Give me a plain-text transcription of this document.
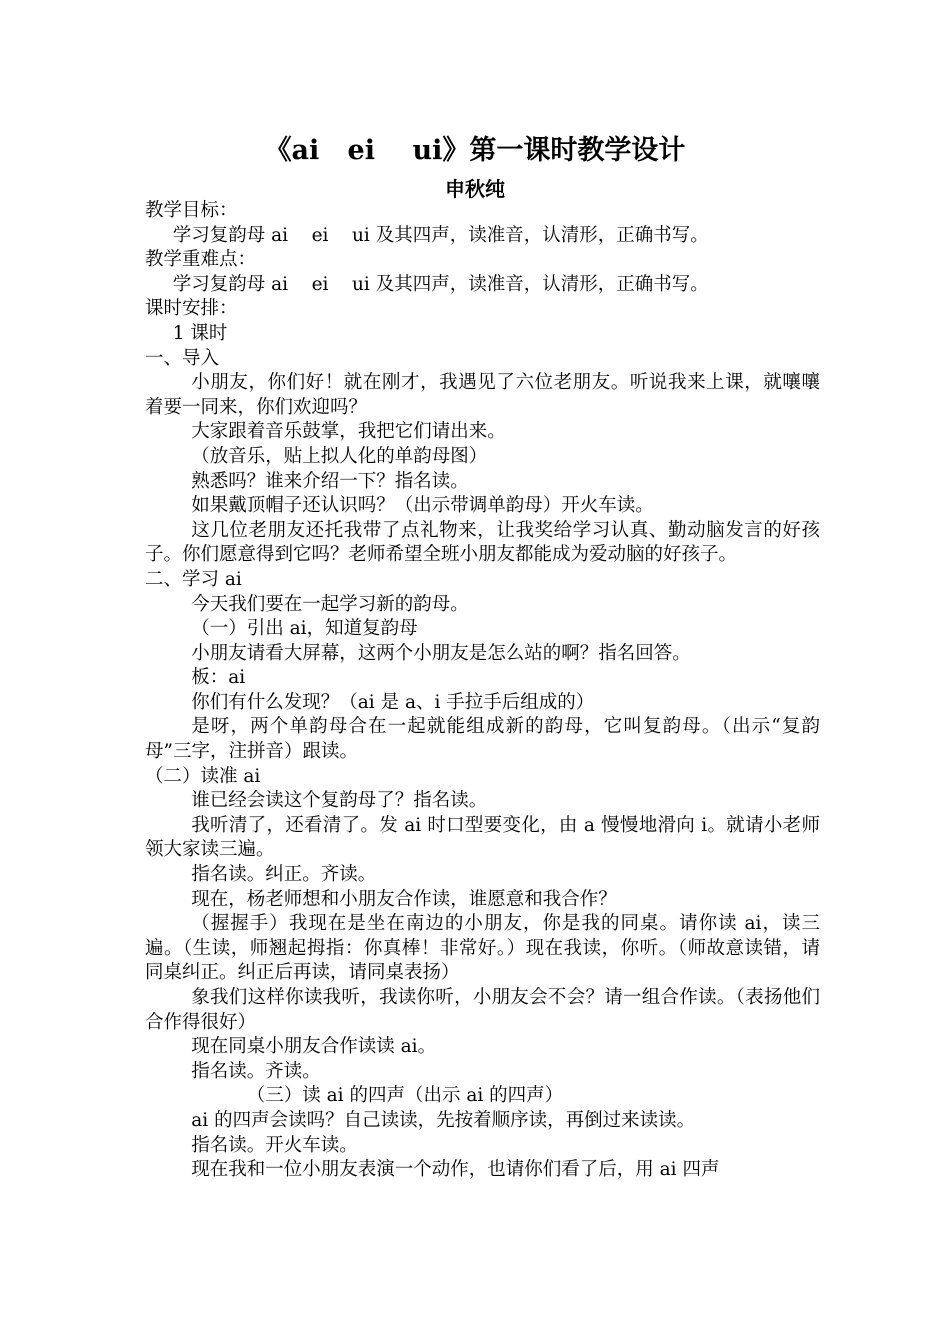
《ai   ei    ui》第一课时教学设计
申秋纯

教学目标：

学习复韵母 ai    ei    ui 及其四声，读准音，认清形，正确书写。

教学重难点：

学习复韵母 ai    ei    ui 及其四声，读准音，认清形，正确书写。

课时安排：

1 课时

一、导入

小朋友，你们好！就在刚才，我遇见了六位老朋友。听说我来上课，就嚷嚷着要一同来，你们欢迎吗？

大家跟着音乐鼓掌，我把它们请出来。

（放音乐，贴上拟人化的单韵母图）

熟悉吗？谁来介绍一下？指名读。

如果戴顶帽子还认识吗？（出示带调单韵母）开火车读。

这几位老朋友还托我带了点礼物来，让我奖给学习认真、勤动脑发言的好孩子。你们愿意得到它吗？老师希望全班小朋友都能成为爱动脑的好孩子。

二、学习 ai

今天我们要在一起学习新的韵母。

（一）引出 ai，知道复韵母

小朋友请看大屏幕，这两个小朋友是怎么站的啊？指名回答。

板：ai

你们有什么发现？（ai 是 a、i 手拉手后组成的）

是呀，两个单韵母合在一起就能组成新的韵母，它叫复韵母。（出示“复韵母”三字，注拼音）跟读。

（二）读准 ai

谁已经会读这个复韵母了？指名读。

我听清了，还看清了。发 ai 时口型要变化，由 a 慢慢地滑向 i。就请小老师领大家读三遍。

指名读。纠正。齐读。

现在，杨老师想和小朋友合作读，谁愿意和我合作？

（握握手）我现在是坐在南边的小朋友，你是我的同桌。请你读 ai，读三遍。（生读，师翘起拇指：你真棒！非常好。）现在我读，你听。（师故意读错，请同桌纠正。纠正后再读，请同桌表扬）

象我们这样你读我听，我读你听，小朋友会不会？请一组合作读。（表扬他们合作得很好）

现在同桌小朋友合作读读 ai。

指名读。齐读。

（三）读 ai 的四声（出示 ai 的四声）

ai 的四声会读吗？自己读读，先按着顺序读，再倒过来读读。

指名读。开火车读。

现在我和一位小朋友表演一个动作，也请你们看了后，用 ai 四声
